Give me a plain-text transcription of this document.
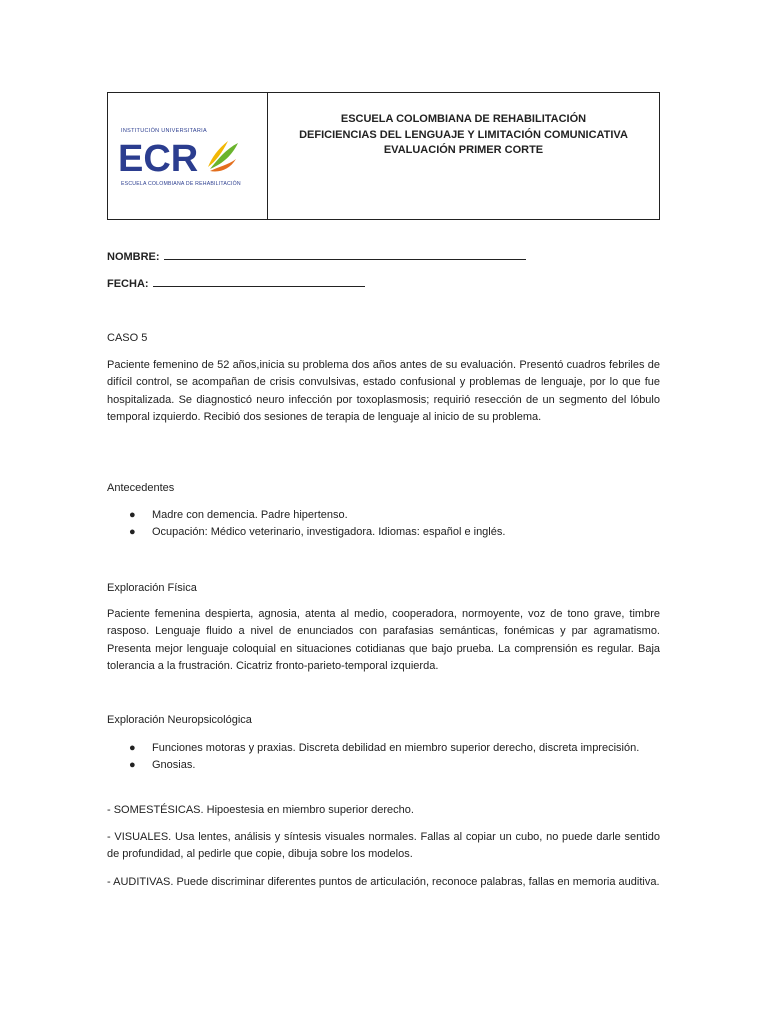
INSTITUCIÓN UNIVERSITARIA
ECR
ESCUELA COLOMBIANA DE REHABILITACIÓN
ESCUELA COLOMBIANA DE REHABILITACIÓN
DEFICIENCIAS DEL LENGUAJE Y LIMITACIÓN COMUNICATIVA
EVALUACIÓN PRIMER CORTE
NOMBRE:
FECHA:
CASO 5
Paciente femenino de 52 años,inicia su problema dos años antes de su evaluación. Presentó cuadros febriles de difícil control, se acompañan de crisis convulsivas, estado confusional y problemas de lenguaje, por lo que fue hospitalizada. Se diagnosticó neuro infección por toxoplasmosis; requirió resección de un segmento del lóbulo temporal izquierdo. Recibió dos sesiones de terapia de lenguaje al inicio de su problema.
Antecedentes
● Madre con demencia. Padre hipertenso.
● Ocupación: Médico veterinario, investigadora. Idiomas: español e inglés.
Exploración Física
Paciente femenina despierta, agnosia, atenta al medio, cooperadora, normoyente, voz de tono grave, timbre rasposo. Lenguaje fluido a nivel de enunciados con parafasias semánticas, fonémicas y par agramatismo. Presenta mejor lenguaje coloquial en situaciones cotidianas que bajo prueba. La comprensión es regular. Baja tolerancia a la frustración. Cicatriz fronto-parieto-temporal izquierda.
Exploración Neuropsicológica
● Funciones motoras y praxias. Discreta debilidad en miembro superior derecho, discreta imprecisión.
● Gnosias.
- SOMESTÉSICAS. Hipoestesia en miembro superior derecho.
- VISUALES. Usa lentes, análisis y síntesis visuales normales. Fallas al copiar un cubo, no puede darle sentido de profundidad, al pedirle que copie, dibuja sobre los modelos.
- AUDITIVAS. Puede discriminar diferentes puntos de articulación, reconoce palabras, fallas en memoria auditiva.
